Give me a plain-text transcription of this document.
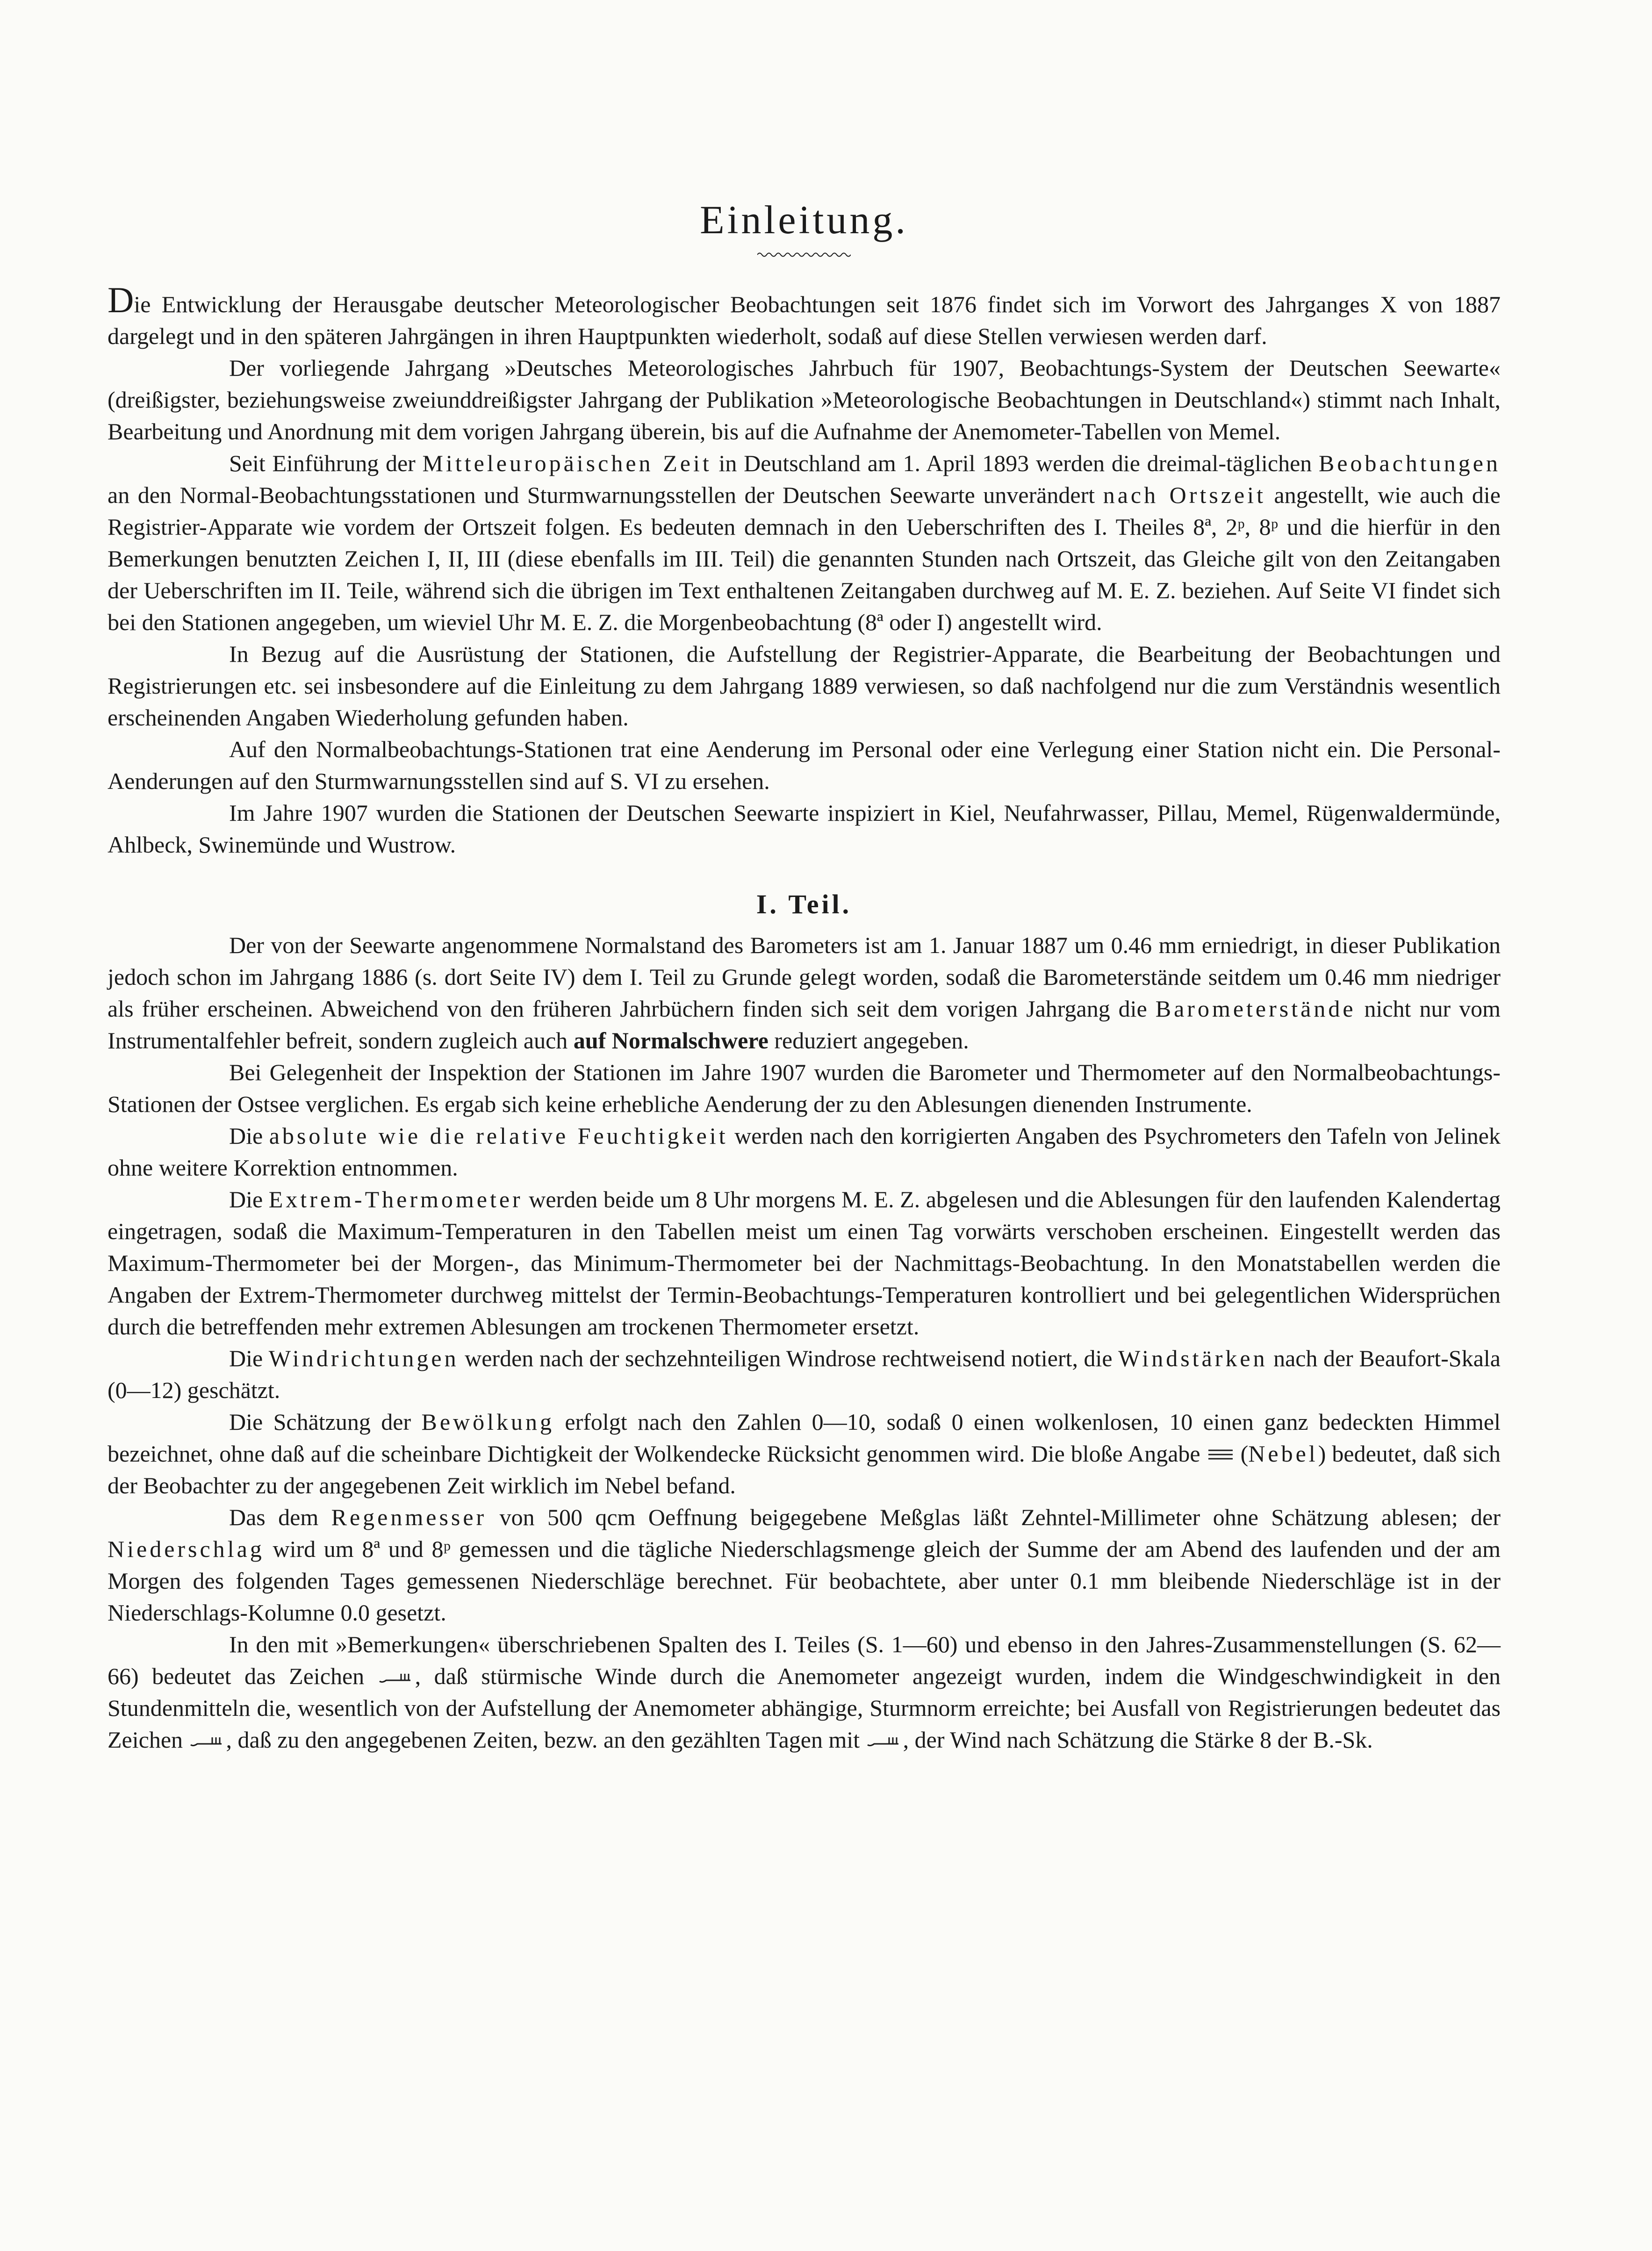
Einleitung.

Die Entwicklung der Herausgabe deutscher Meteorologischer Beobachtungen seit 1876 findet sich im Vorwort des Jahrganges X von 1887 dargelegt und in den späteren Jahrgängen in ihren Hauptpunkten wiederholt, sodaß auf diese Stellen verwiesen werden darf.

Der vorliegende Jahrgang »Deutsches Meteorologisches Jahrbuch für 1907, Beobachtungs-System der Deutschen Seewarte« (dreißigster, beziehungsweise zweiunddreißigster Jahrgang der Publikation »Meteorologische Beobachtungen in Deutschland«) stimmt nach Inhalt, Bearbeitung und Anordnung mit dem vorigen Jahrgang überein, bis auf die Aufnahme der Anemometer-Tabellen von Memel.

Seit Einführung der Mitteleuropäischen Zeit in Deutschland am 1. April 1893 werden die dreimal-täglichen Beobachtungen an den Normal-Beobachtungsstationen und Sturmwarnungsstellen der Deutschen Seewarte unverändert nach Ortszeit angestellt, wie auch die Registrier-Apparate wie vordem der Ortszeit folgen. Es bedeuten demnach in den Ueberschriften des I. Theiles 8ª, 2ᵖ, 8ᵖ und die hierfür in den Bemerkungen benutzten Zeichen I, II, III (diese ebenfalls im III. Teil) die genannten Stunden nach Ortszeit, das Gleiche gilt von den Zeitangaben der Ueberschriften im II. Teile, während sich die übrigen im Text enthaltenen Zeitangaben durchweg auf M. E. Z. beziehen. Auf Seite VI findet sich bei den Stationen angegeben, um wieviel Uhr M. E. Z. die Morgenbeobachtung (8ª oder I) angestellt wird.

In Bezug auf die Ausrüstung der Stationen, die Aufstellung der Registrier-Apparate, die Bearbeitung der Beobachtungen und Registrierungen etc. sei insbesondere auf die Einleitung zu dem Jahrgang 1889 verwiesen, so daß nachfolgend nur die zum Verständnis wesentlich erscheinenden Angaben Wiederholung gefunden haben.

Auf den Normalbeobachtungs-Stationen trat eine Aenderung im Personal oder eine Verlegung einer Station nicht ein. Die Personal-Aenderungen auf den Sturmwarnungsstellen sind auf S. VI zu ersehen.

Im Jahre 1907 wurden die Stationen der Deutschen Seewarte inspiziert in Kiel, Neufahrwasser, Pillau, Memel, Rügenwaldermünde, Ahlbeck, Swinemünde und Wustrow.

I. Teil.

Der von der Seewarte angenommene Normalstand des Barometers ist am 1. Januar 1887 um 0.46 mm erniedrigt, in dieser Publikation jedoch schon im Jahrgang 1886 (s. dort Seite IV) dem I. Teil zu Grunde gelegt worden, sodaß die Barometerstände seitdem um 0.46 mm niedriger als früher erscheinen. Abweichend von den früheren Jahrbüchern finden sich seit dem vorigen Jahrgang die Barometerstände nicht nur vom Instrumentalfehler befreit, sondern zugleich auch auf Normalschwere reduziert angegeben.

Bei Gelegenheit der Inspektion der Stationen im Jahre 1907 wurden die Barometer und Thermometer auf den Normalbeobachtungs-Stationen der Ostsee verglichen. Es ergab sich keine erhebliche Aenderung der zu den Ablesungen dienenden Instrumente.

Die absolute wie die relative Feuchtigkeit werden nach den korrigierten Angaben des Psychrometers den Tafeln von Jelinek ohne weitere Korrektion entnommen.

Die Extrem-Thermometer werden beide um 8 Uhr morgens M. E. Z. abgelesen und die Ablesungen für den laufenden Kalendertag eingetragen, sodaß die Maximum-Temperaturen in den Tabellen meist um einen Tag vorwärts verschoben erscheinen. Eingestellt werden das Maximum-Thermometer bei der Morgen-, das Minimum-Thermometer bei der Nachmittags-Beobachtung. In den Monatstabellen werden die Angaben der Extrem-Thermometer durchweg mittelst der Termin-Beobachtungs-Temperaturen kontrolliert und bei gelegentlichen Widersprüchen durch die betreffenden mehr extremen Ablesungen am trockenen Thermometer ersetzt.

Die Windrichtungen werden nach der sechzehnteiligen Windrose rechtweisend notiert, die Windstärken nach der Beaufort-Skala (0—12) geschätzt.

Die Schätzung der Bewölkung erfolgt nach den Zahlen 0—10, sodaß 0 einen wolkenlosen, 10 einen ganz bedeckten Himmel bezeichnet, ohne daß auf die scheinbare Dichtigkeit der Wolkendecke Rücksicht genommen wird. Die bloße Angabe  (Nebel) bedeutet, daß sich der Beobachter zu der angegebenen Zeit wirklich im Nebel befand.

Das dem Regenmesser von 500 qcm Oeffnung beigegebene Meßglas läßt Zehntel-Millimeter ohne Schätzung ablesen; der Niederschlag wird um 8ª und 8ᵖ gemessen und die tägliche Niederschlagsmenge gleich der Summe der am Abend des laufenden und der am Morgen des folgenden Tages gemessenen Niederschläge berechnet. Für beobachtete, aber unter 0.1 mm bleibende Niederschläge ist in der Niederschlags-Kolumne 0.0 gesetzt.

In den mit »Bemerkungen« überschriebenen Spalten des I. Teiles (S. 1—60) und ebenso in den Jahres-Zusammenstellungen (S. 62—66) bedeutet das Zeichen , daß stürmische Winde durch die Anemometer angezeigt wurden, indem die Windgeschwindigkeit in den Stundenmitteln die, wesentlich von der Aufstellung der Anemometer abhängige, Sturmnorm erreichte; bei Ausfall von Registrierungen bedeutet das Zeichen , daß zu den angegebenen Zeiten, bezw. an den gezählten Tagen mit , der Wind nach Schätzung die Stärke 8 der B.-Sk.
